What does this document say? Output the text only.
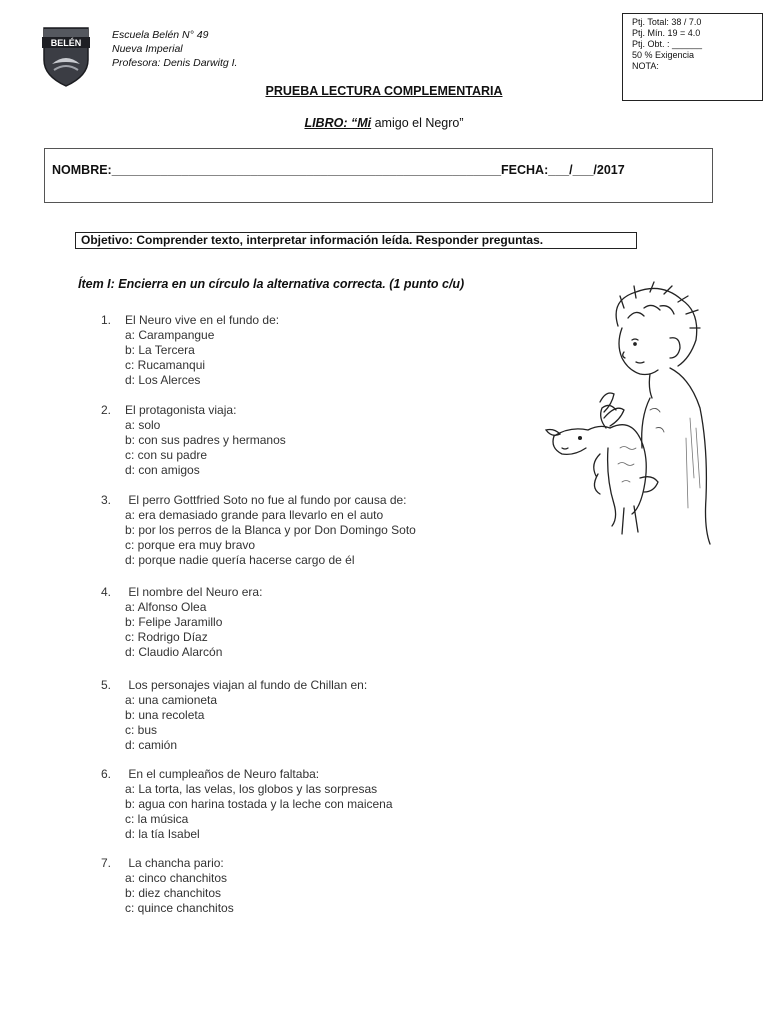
BELÉN
Escuela Belén N° 49
Nueva Imperial
Profesora: Denis Darwitg I.
Ptj. Total: 38 / 7.0
Ptj. Mín. 19 = 4.0
Ptj. Obt. : ______
50 % Exigencia
NOTA:
PRUEBA LECTURA COMPLEMENTARIA
LIBRO: “Mi amigo el Negro”
NOMBRE:________________________________________________________FECHA:___/___/2017
Objetivo: Comprender texto, interpretar información leída. Responder preguntas.
Ítem I: Encierra en un círculo la alternativa correcta. (1 punto c/u)
1. El Neuro vive en el fundo de:
a: Carampangue
b: La Tercera
c: Rucamanqui
d: Los Alerces
2. El protagonista viaja:
a: solo
b: con sus padres y hermanos
c: con su padre
d: con amigos
3. El perro Gottfried Soto no fue al fundo por causa de:
a: era demasiado grande para llevarlo en el auto
b: por los perros de la Blanca y por Don Domingo Soto
c: porque era muy bravo
d: porque nadie quería hacerse cargo de él
4. El nombre del Neuro era:
a: Alfonso Olea
b: Felipe Jaramillo
c: Rodrigo Díaz
d: Claudio Alarcón
5. Los personajes viajan al fundo de Chillan en:
a: una camioneta
b: una recoleta
c: bus
d: camión
6. En el cumpleaños de Neuro faltaba:
a: La torta, las velas, los globos y las sorpresas
b: agua con harina tostada y la leche con maicena
c: la música
d: la tía Isabel
7. La chancha pario:
a: cinco chanchitos
b: diez chanchitos
c: quince chanchitos
